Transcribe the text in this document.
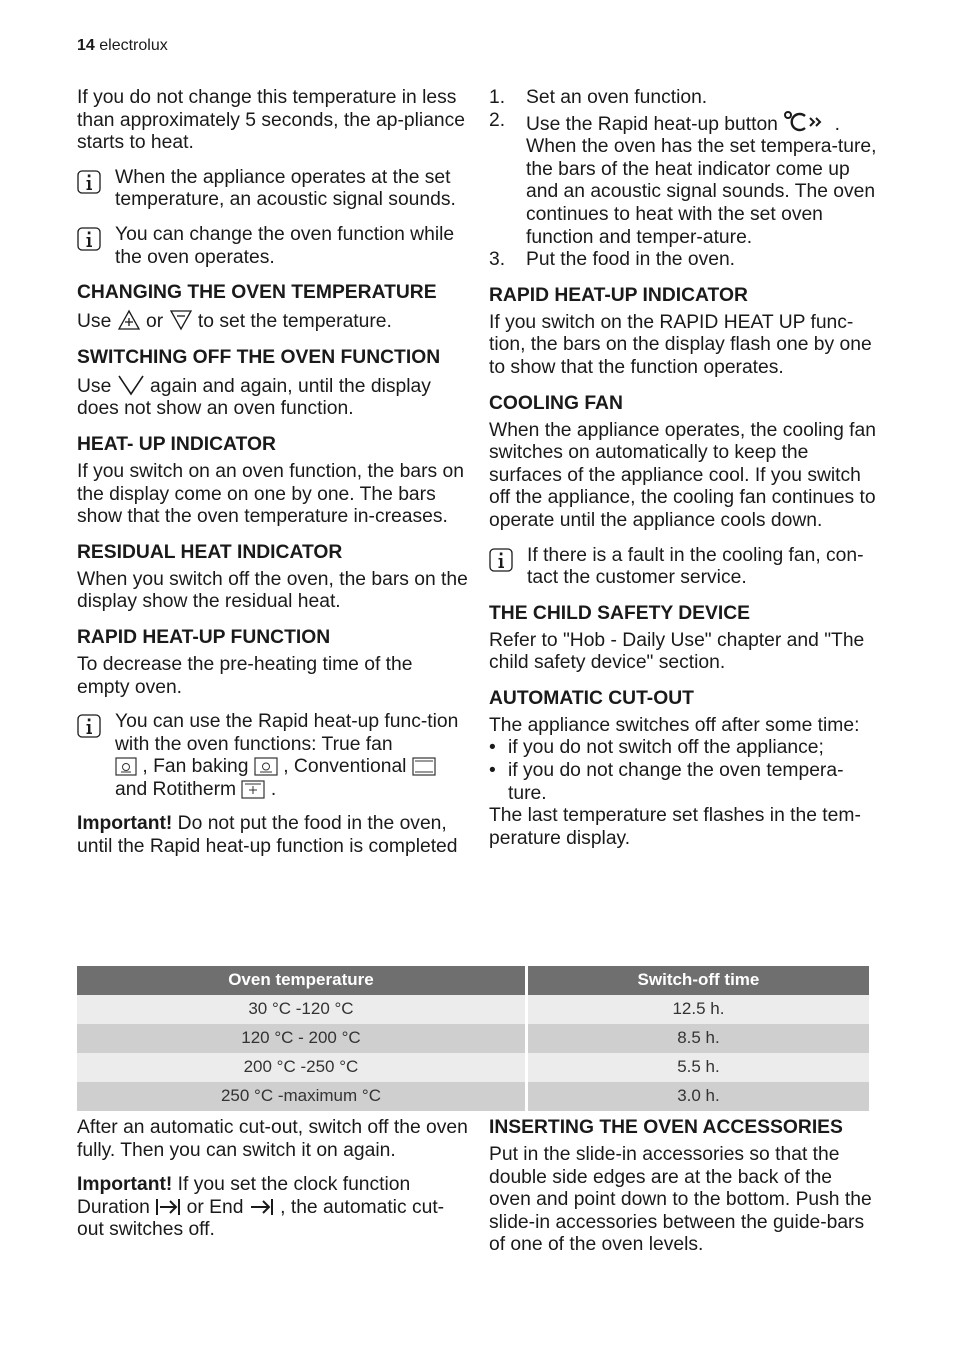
14 electrolux

If you do not change this temperature in less than approximately 5 seconds, the ap-pliance starts to heat.

When the appliance operates at the set temperature, an acoustic signal sounds.
You can change the oven function while the oven operates.
CHANGING THE OVEN TEMPERATURE

Use or to set the temperature.

SWITCHING OFF THE OVEN FUNCTION

Use again and again, until the display does not show an oven function.

HEAT- UP INDICATOR

If you switch on an oven function, the bars on the display come on one by one. The bars show that the oven temperature in-creases.

RESIDUAL HEAT INDICATOR

When you switch off the oven, the bars on the display show the residual heat.

RAPID HEAT-UP FUNCTION

To decrease the pre-heating time of the empty oven.

You can use the Rapid heat-up func-tion with the oven functions: True fan
, Fan baking , Conventional
and Rotitherm .

Important! Do not put the food in the oven, until the Rapid heat-up function is completed

1.	Set an oven function.
2.	Use the Rapid heat-up button	. When the oven has the set tempera-ture, the bars of the heat indicator come up and an acoustic signal sounds. The oven continues to heat with the set oven function and temper-ature.
3.	Put the food in the oven.
RAPID HEAT-UP INDICATOR

If you switch on the RAPID HEAT UP func-tion, the bars on the display flash one by one to show that the function operates.

COOLING FAN

When the appliance operates, the cooling fan switches on automatically to keep the surfaces of the appliance cool. If you switch off the appliance, the cooling fan continues to operate until the appliance cools down.

If there is a fault in the cooling fan, con-tact the customer service.
THE CHILD SAFETY DEVICE

Refer to "Hob - Daily Use" chapter and "The child safety device" section.

AUTOMATIC CUT-OUT
The appliance switches off after some time:
• if you do not switch off the appliance;
• if you do not change the oven tempera-ture.
The last temperature set flashes in the tem-perature display.
Oven temperature	Switch-off time
30 °C -120 °C	12.5 h.
120 °C - 200 °C	8.5 h.
200 °C -250 °C	5.5 h.
250 °C -maximum °C	3.0 h.

After an automatic cut-out, switch off the oven fully. Then you can switch it on again.

Important! If you set the clock function Duration or End , the automatic cut-out switches off.

INSERTING THE OVEN ACCESSORIES

Put in the slide-in accessories so that the double side edges are at the back of the oven and point down to the bottom. Push the slide-in accessories between the guide-bars of one of the oven levels.
